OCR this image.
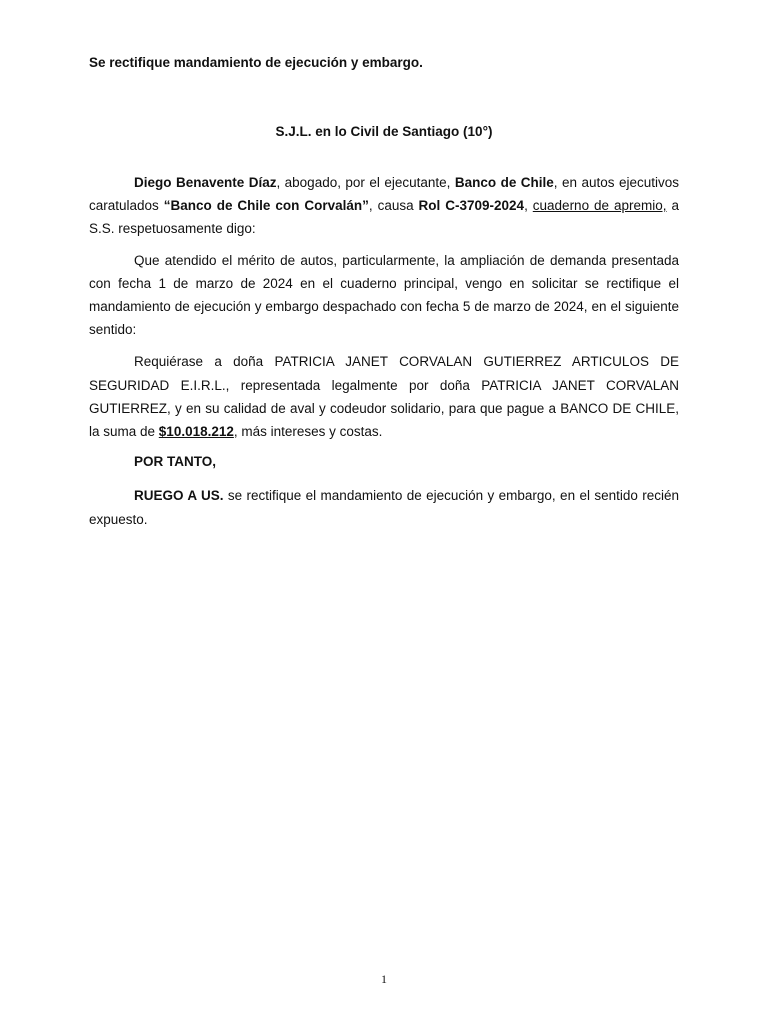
Se rectifique mandamiento de ejecución y embargo.

S.J.L. en lo Civil de Santiago (10°)

Diego Benavente Díaz, abogado, por el ejecutante, Banco de Chile, en autos ejecutivos caratulados “Banco de Chile con Corvalán”, causa Rol C-3709-2024, cuaderno de apremio, a S.S. respetuosamente digo:

Que atendido el mérito de autos, particularmente, la ampliación de demanda presentada con fecha 1 de marzo de 2024 en el cuaderno principal, vengo en solicitar se rectifique el mandamiento de ejecución y embargo despachado con fecha 5 de marzo de 2024, en el siguiente sentido:

Requiérase a doña PATRICIA JANET CORVALAN GUTIERREZ ARTICULOS DE SEGURIDAD E.I.R.L., representada legalmente por doña PATRICIA JANET CORVALAN GUTIERREZ, y en su calidad de aval y codeudor solidario, para que pague a BANCO DE CHILE, la suma de $10.018.212, más intereses y costas.

POR TANTO,

RUEGO A US. se rectifique el mandamiento de ejecución y embargo, en el sentido recién expuesto.

1
